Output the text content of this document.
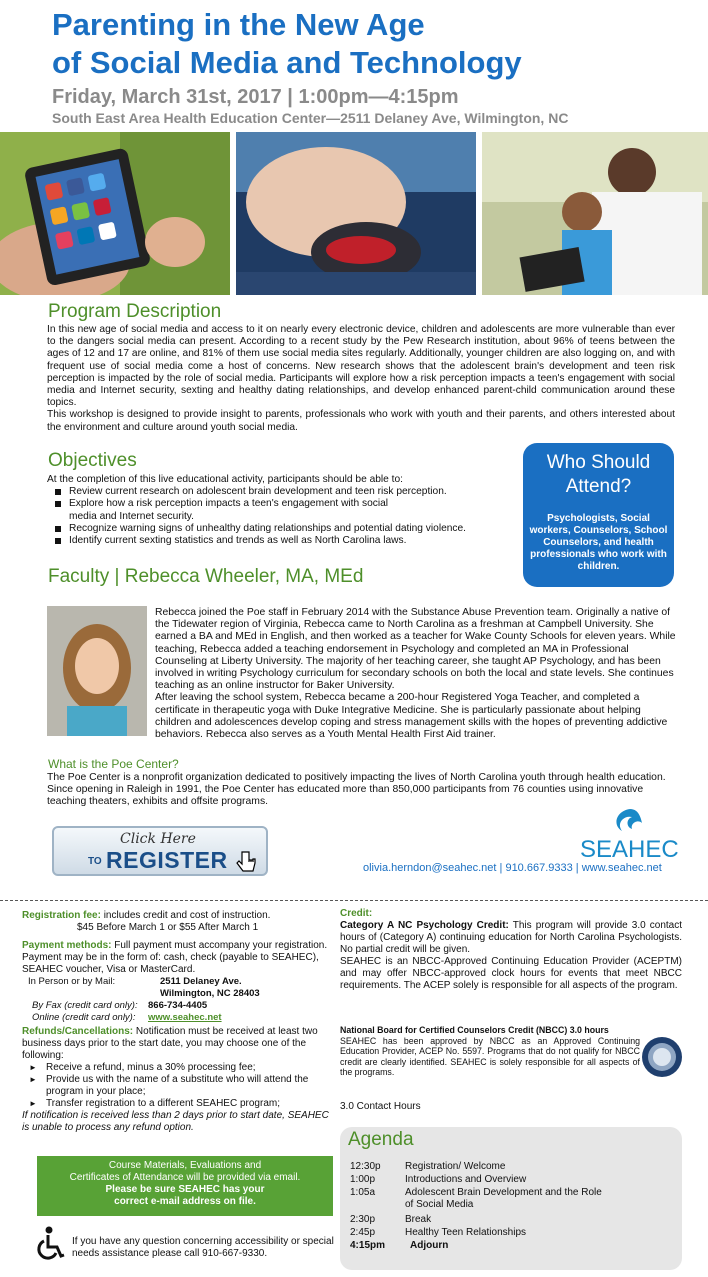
Parenting in the New Age
of Social Media and Technology
Friday, March 31st, 2017 | 1:00pm—4:15pm
South East Area Health Education Center—2511 Delaney Ave, Wilmington, NC
Program Description

In this new age of social media and access to it on nearly every electronic device, children and adolescents are more vulnerable than ever to the dangers social media can present. According to a recent study by the Pew Research institution, about 96% of teens between the ages of 12 and 17 are online, and 81% of them use social media sites regularly. Additionally, younger children are also logging on, and with frequent use of social media come a host of concerns. New research shows that the adolescent brain's development and teen risk perception is impacted by the role of social media. Participants will explore how a risk perception impacts a teen's engagement with social media and Internet security, sexting and healthy dating relationships, and develop enhanced parent-child communication around these topics.

This workshop is designed to provide insight to parents, professionals who work with youth and their parents, and others interested about the environment and culture around youth social media.

Objectives

At the completion of this live educational activity, participants should be able to:

Review current research on adolescent brain development and teen risk perception.
Explore how a risk perception impacts a teen's engagement with social media and Internet security.
Recognize warning signs of unhealthy dating relationships and potential dating violence.
Identify current sexting statistics and trends as well as North Carolina laws.
Who Should Attend?
Psychologists, Social workers, Counselors, School Counselors, and health professionals who work with children.
Faculty | Rebecca Wheeler, MA, MEd

Rebecca joined the Poe staff in February 2014 with the Substance Abuse Prevention team. Originally a native of the Tidewater region of Virginia, Rebecca came to North Carolina as a freshman at Campbell University. She earned a BA and MEd in English, and then worked as a teacher for Wake County Schools for eleven years. While teaching, Rebecca added a teaching endorsement in Psychology and completed an MA in Professional Counseling at Liberty University. The majority of her teaching career, she taught AP Psychology, and has been involved in writing Psychology curriculum for secondary schools on both the local and state levels. She continues teaching as an online instructor for Baker University.

After leaving the school system, Rebecca became a 200-hour Registered Yoga Teacher, and completed a certificate in therapeutic yoga with Duke Integrative Medicine. She is particularly passionate about helping children and adolescences develop coping and stress management skills with the hopes of preventing addictive behaviors. Rebecca also serves as a Youth Mental Health First Aid trainer.

What is the Poe Center?
The Poe Center is a nonprofit organization dedicated to positively impacting the lives of North Carolina youth through health education. Since opening in Raleigh in 1991, the Poe Center has educated more than 850,000 participants from 76 counties using innovative teaching theaters, exhibits and offsite programs.
Click Here
TO REGISTER	SEAHEC
olivia.herndon@seahec.net | 910.667.9333 | www.seahec.net
Registration fee: includes credit and cost of instruction.
$45 Before March 1 or $55 After March 1
Payment methods: Full payment must accompany your registration. Payment may be in the form of: cash, check (payable to SEAHEC), SEAHEC voucher, Visa or MasterCard.
In Person or by Mail:	2511 Delaney Ave.
Wilmington, NC 28403
By Fax (credit card only): 866-734-4405
Online (credit card only): www.seahec.net
Refunds/Cancellations: Notification must be received at least two business days prior to the start date, you may choose one of the following:
► Receive a refund, minus a 30% processing fee;
► Provide us with the name of a substitute who will attend the program in your place;
► Transfer registration to a different SEAHEC program;
If notification is received less than 2 days prior to start date, SEAHEC is unable to process any refund option.
Course Materials, Evaluations and
Certificates of Attendance will be provided via email.
Please be sure SEAHEC has your
correct e-mail address on file.
If you have any question concerning accessibility or special needs assistance please call 910-667-9330.
Credit:
Category A NC Psychology Credit: This program will provide 3.0 contact hours of (Category A) continuing education for North Carolina Psychologists. No partial credit will be given.
SEAHEC is an NBCC-Approved Continuing Education Provider (ACEPTM) and may offer NBCC-approved clock hours for events that meet NBCC requirements. The ACEP solely is responsible for all aspects of the program.
National Board for Certified Counselors Credit (NBCC) 3.0 hours
SEAHEC has been approved by NBCC as an Approved Continuing Education Provider, ACEP No. 5597. Programs that do not qualify for NBCC credit are clearly identified. SEAHEC is solely responsible for all aspects of the programs.
3.0 Contact Hours
Agenda
12:30p Registration/ Welcome
1:00p	Introductions and Overview
1:05a	Adolescent Brain Development and the Role of Social Media
2:30p	Break
2:45p	Healthy Teen Relationships
4:15pm Adjourn
